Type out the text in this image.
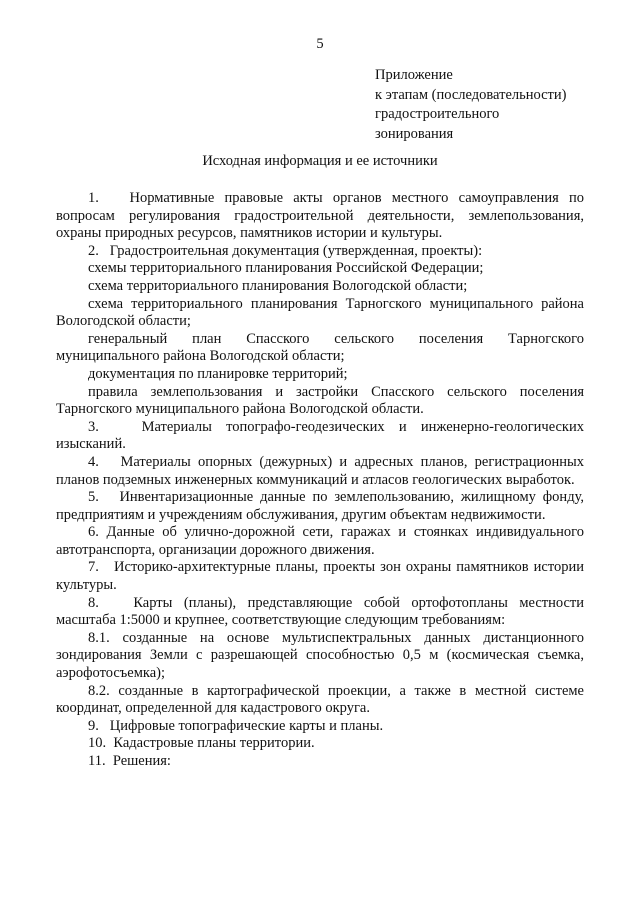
5
Приложение
к этапам (последовательности)
градостроительного
зонирования
Исходная информация и ее источники

1.   Нормативные правовые акты органов местного самоуправления по вопросам регулирования градостроительной деятельности, землепользования, охраны природных ресурсов, памятников истории и культуры.

2.   Градостроительная документация (утвержденная, проекты):

схемы территориального планирования Российской Федерации;

схема территориального планирования Вологодской области;

схема территориального планирования Тарногского муниципального района Вологодской области;

генеральный план Спасского сельского поселения Тарногского муниципального района Вологодской области;

документация по планировке территорий;

правила землепользования и застройки Спасского сельского поселения Тарногского муниципального района Вологодской области.

3.   Материалы топографо-геодезических и инженерно-геологических изысканий.

4.   Материалы опорных (дежурных) и адресных планов, регистрационных планов подземных инженерных коммуникаций и атласов геологических выработок.

5.   Инвентаризационные данные по землепользованию, жилищному фонду, предприятиям и учреждениям обслуживания, другим объектам недвижимости.

6. Данные об улично-дорожной сети, гаражах и стоянках индивидуального автотранспорта, организации дорожного движения.

7.   Историко-архитектурные планы, проекты зон охраны памятников истории культуры.

8.   Карты (планы), представляющие собой ортофотопланы местности масштаба 1:5000 и крупнее, соответствующие следующим требованиям:

8.1. созданные на основе мультиспектральных данных дистанционного зондирования Земли с разрешающей способностью 0,5 м (космическая съемка, аэрофотосъемка);

8.2. созданные в картографической проекции, а также в местной системе координат, определенной для кадастрового округа.

9.   Цифровые топографические карты и планы.

10.  Кадастровые планы территории.

11.  Решения:
